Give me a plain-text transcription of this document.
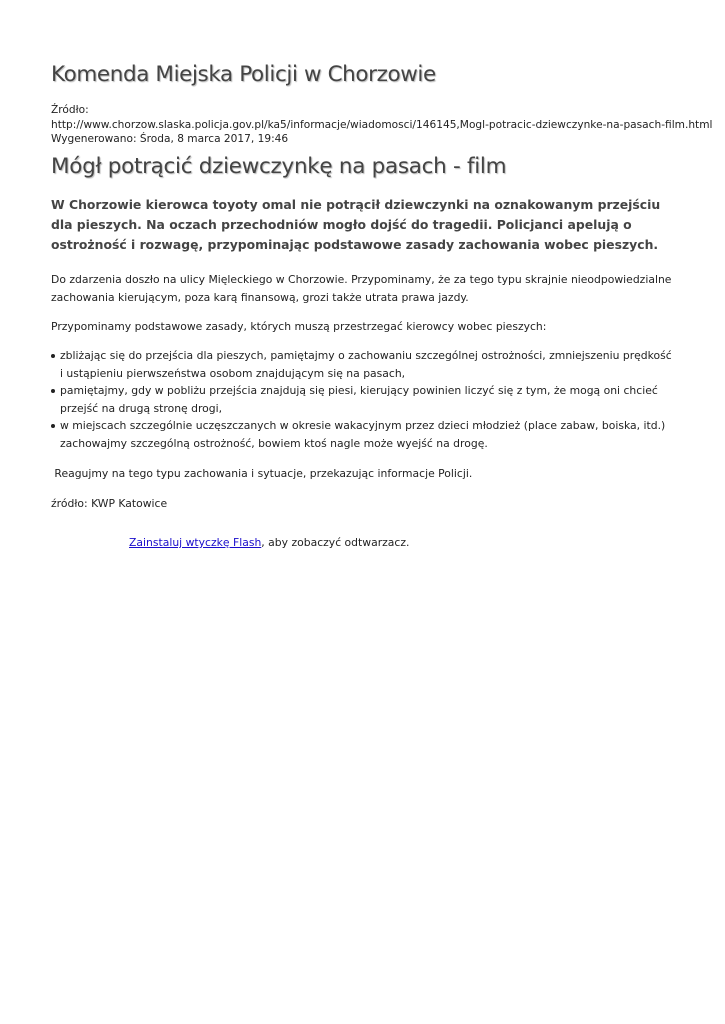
Komenda Miejska Policji w Chorzowie
Źródło:
http://www.chorzow.slaska.policja.gov.pl/ka5/informacje/wiadomosci/146145,Mogl-potracic-dziewczynke-na-pasach-film.html
Wygenerowano: Środa, 8 marca 2017, 19:46
Mógł potrącić dziewczynkę na pasach - film

W Chorzowie kierowca toyoty omal nie potrącił dziewczynki na oznakowanym przejściu dla pieszych. Na oczach przechodniów mogło dojść do tragedii. Policjanci apelują o ostrożność i rozwagę, przypominając podstawowe zasady zachowania wobec pieszych.

Do zdarzenia doszło na ulicy Mięleckiego w Chorzowie. Przypominamy, że za tego typu skrajnie nieodpowiedzialne zachowania kierującym, poza karą finansową, grozi także utrata prawa jazdy.

Przypominamy podstawowe zasady, których muszą przestrzegać kierowcy wobec pieszych:

zbliżając się do przejścia dla pieszych, pamiętajmy o zachowaniu szczególnej ostrożności, zmniejszeniu prędkość i ustąpieniu pierwszeństwa osobom znajdującym się na pasach,
pamiętajmy, gdy w pobliżu przejścia znajdują się piesi, kierujący powinien liczyć się z tym, że mogą oni chcieć przejść na drugą stronę drogi,
w miejscach szczególnie uczęszczanych w okresie wakacyjnym przez dzieci młodzież (place zabaw, boiska, itd.) zachowajmy szczególną ostrożność, bowiem ktoś nagle może wyejść na drogę.

Reagujmy na tego typu zachowania i sytuacje, przekazując informacje Policji.

źródło: KWP Katowice

Zainstaluj wtyczkę Flash, aby zobaczyć odtwarzacz.
